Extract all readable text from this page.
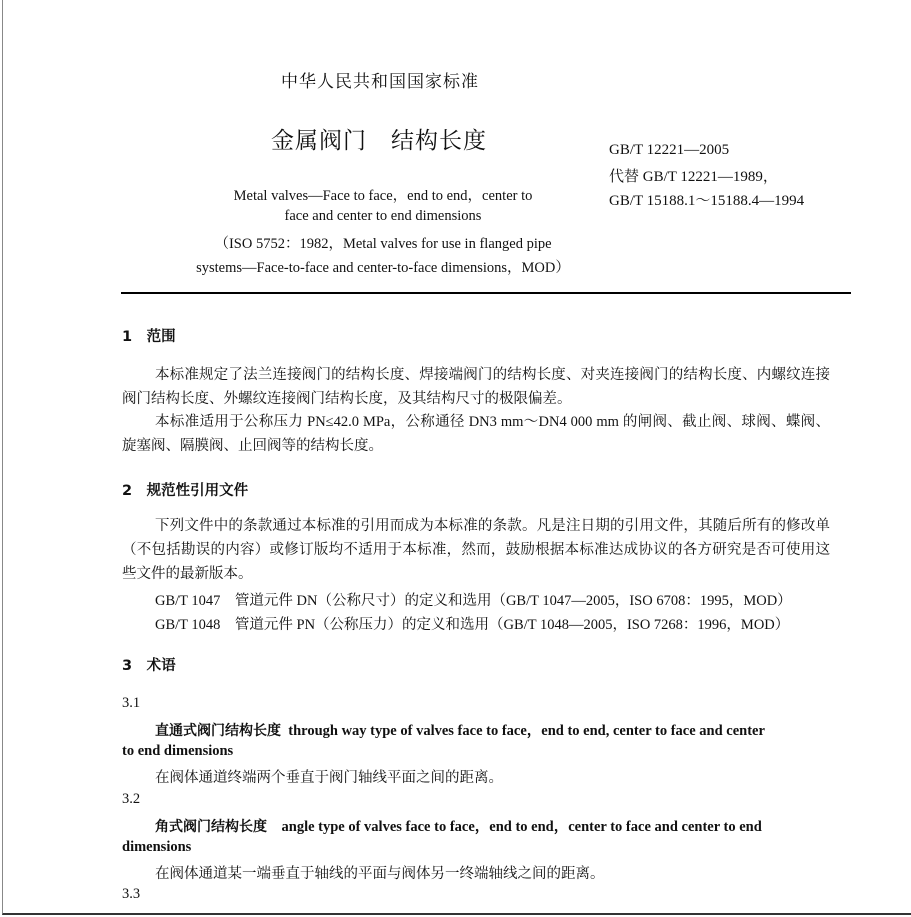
中华人民共和国国家标准
金属阀门　结构长度
Metal valves—Face to face，end to end，center to
face and center to end dimensions
（ISO 5752：1982，Metal valves for use in flanged pipe
systems—Face-to-face and center-to-face dimensions，MOD）
GB/T 12221—2005
代替 GB/T 12221—1989，
GB/T 15188.1～15188.4—1994
1　范围
本标准规定了法兰连接阀门的结构长度、焊接端阀门的结构长度、对夹连接阀门的结构长度、内螺纹连接阀门结构长度、外螺纹连接阀门结构长度，及其结构尺寸的极限偏差。
本标准适用于公称压力 PN≤42.0 MPa，公称通径 DN3 mm～DN4 000 mm 的闸阀、截止阀、球阀、蝶阀、旋塞阀、隔膜阀、止回阀等的结构长度。
2　规范性引用文件
下列文件中的条款通过本标准的引用而成为本标准的条款。凡是注日期的引用文件，其随后所有的修改单（不包括勘误的内容）或修订版均不适用于本标准，然而，鼓励根据本标准达成协议的各方研究是否可使用这些文件的最新版本。
GB/T 1047　管道元件 DN（公称尺寸）的定义和选用（GB/T 1047—2005，ISO 6708：1995，MOD）
GB/T 1048　管道元件 PN（公称压力）的定义和选用（GB/T 1048—2005，ISO 7268：1996，MOD）
3　术语
3.1
直通式阀门结构长度 through way type of valves face to face，end to end, center to face and center
to end dimensions
在阀体通道终端两个垂直于阀门轴线平面之间的距离。
3.2
角式阀门结构长度 angle type of valves face to face，end to end，center to face and center to end
dimensions
在阀体通道某一端垂直于轴线的平面与阀体另一终端轴线之间的距离。
3.3
